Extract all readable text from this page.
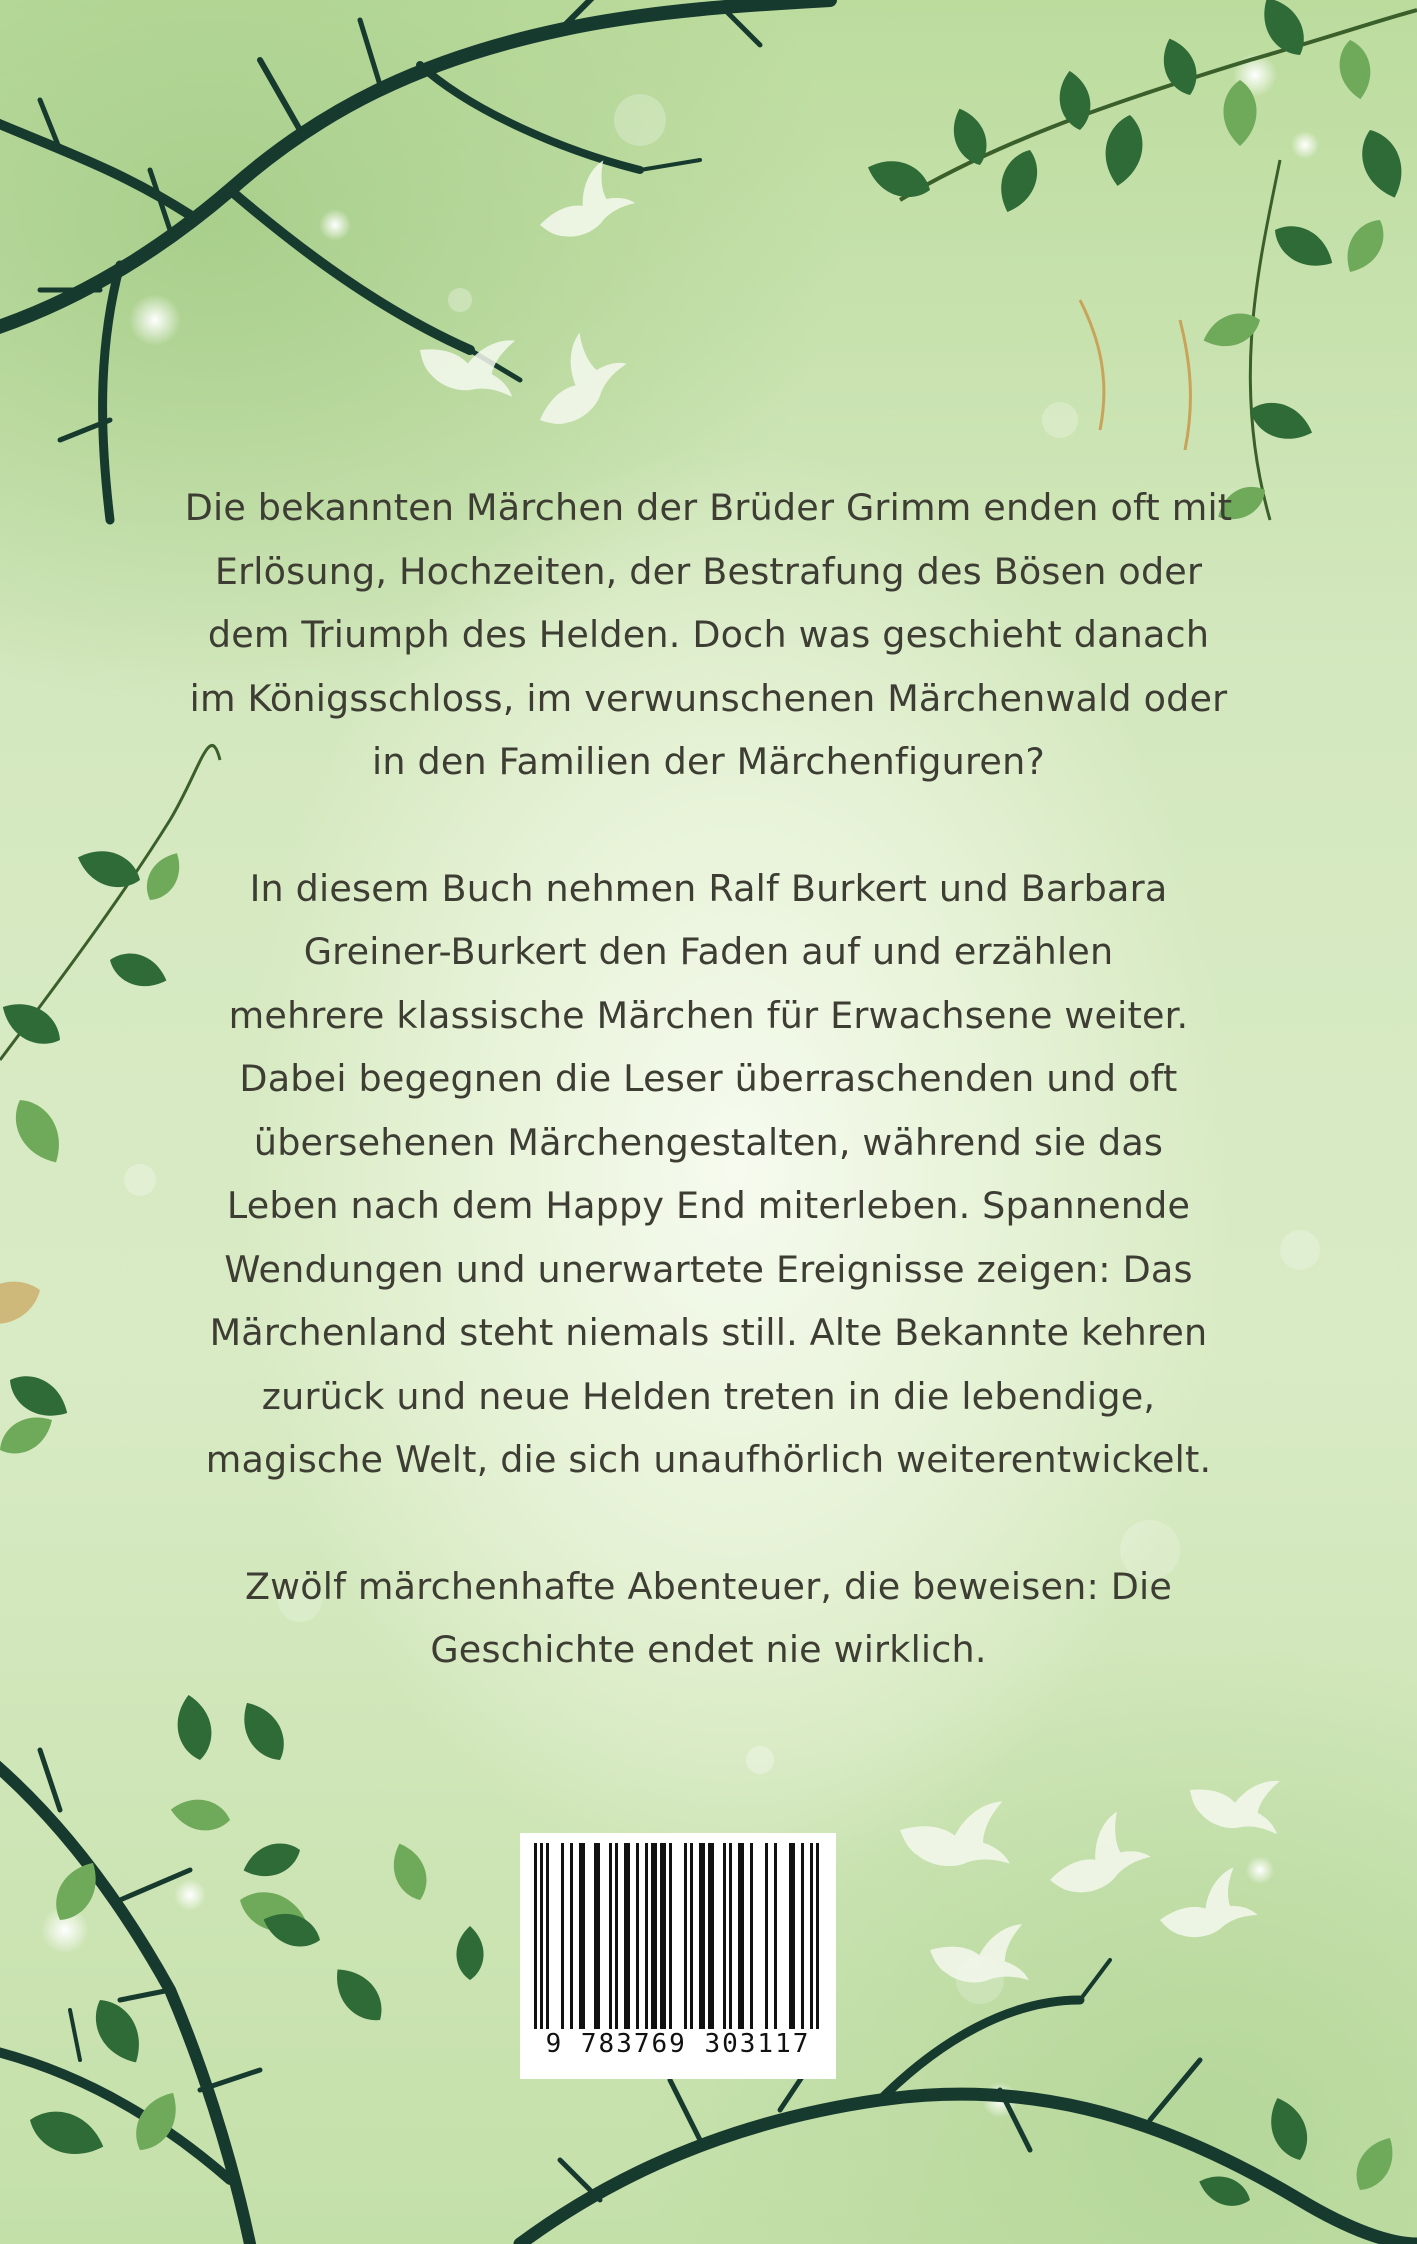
Die bekannten Märchen der Brüder Grimm enden oft mit
Erlösung, Hochzeiten, der Bestrafung des Bösen oder
dem Triumph des Helden. Doch was geschieht danach
im Königsschloss, im verwunschenen Märchenwald oder
in den Familien der Märchenfiguren?

In diesem Buch nehmen Ralf Burkert und Barbara
Greiner-Burkert den Faden auf und erzählen
mehrere klassische Märchen für Erwachsene weiter.
Dabei begegnen die Leser überraschenden und oft
übersehenen Märchengestalten, während sie das
Leben nach dem Happy End miterleben. Spannende
Wendungen und unerwartete Ereignisse zeigen: Das
Märchenland steht niemals still. Alte Bekannte kehren
zurück und neue Helden treten in die lebendige,
magische Welt, die sich unaufhörlich weiterentwickelt.

Zwölf märchenhafte Abenteuer, die beweisen: Die
Geschichte endet nie wirklich.

9 783769 303117
